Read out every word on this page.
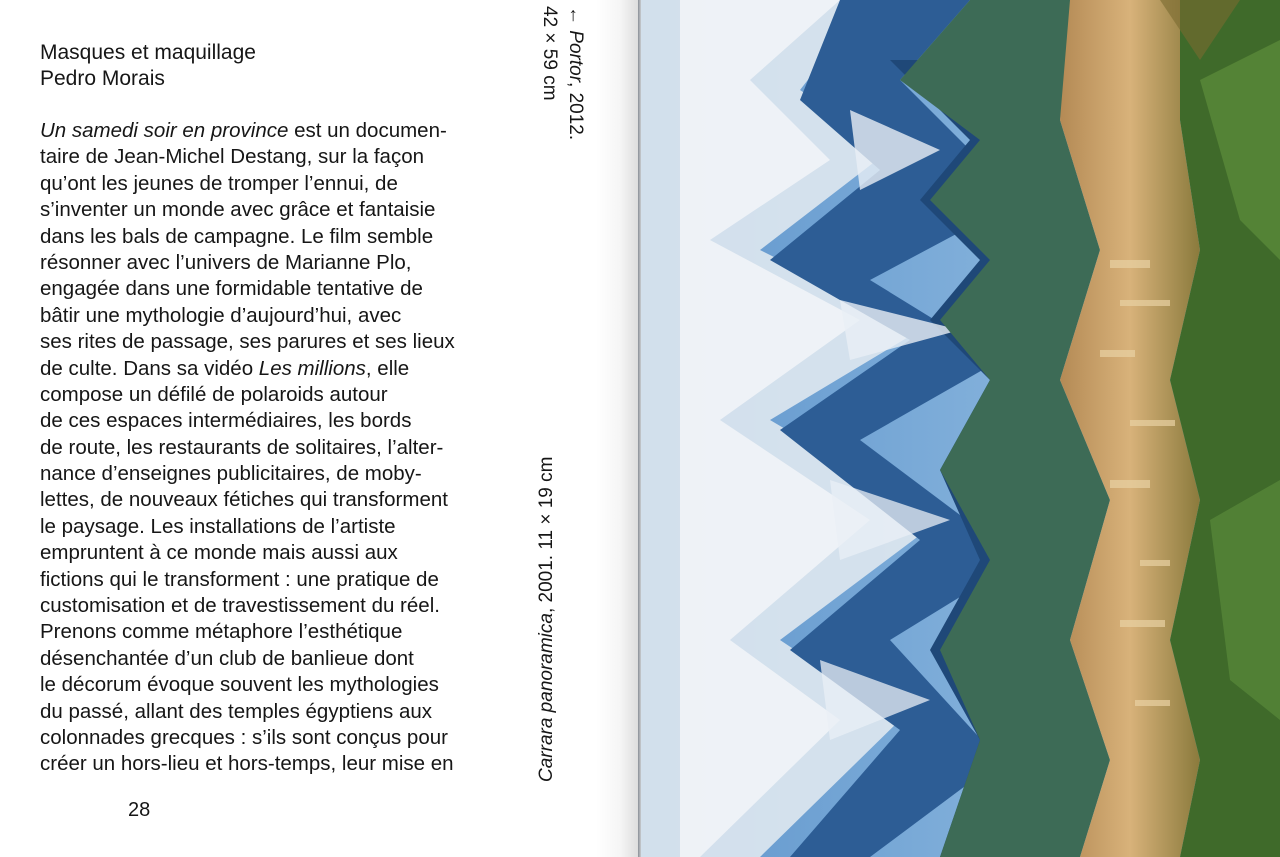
Masques et maquillage

Pedro Morais

Un samedi soir en province est un documen-
taire de Jean-Michel Destang, sur la façon
qu’ont les jeunes de tromper l’ennui, de
s’inventer un monde avec grâce et fantaisie
dans les bals de campagne. Le film semble
résonner avec l’univers de Marianne Plo,
engagée dans une formidable tentative de
bâtir une mythologie d’aujourd’hui, avec
ses rites de passage, ses parures et ses lieux
de culte. Dans sa vidéo Les millions, elle
compose un défilé de polaroids autour
de ces espaces intermédiaires, les bords
de route, les restaurants de solitaires, l’alter-
nance d’enseignes publicitaires, de moby-
lettes, de nouveaux fétiches qui transforment
le paysage. Les installations de l’artiste
empruntent à ce monde mais aussi aux
fictions qui le transforment : une pratique de
customisation et de travestissement du réel.
Prenons comme métaphore l’esthétique
désenchantée d’un club de banlieue dont
le décorum évoque souvent les mythologies
du passé, allant des temples égyptiens aux
colonnades grecques : s’ils sont conçus pour
créer un hors-lieu et hors-temps, leur mise en
28
← Portor, 2012.
42 × 59 cm
Carrara panoramica, 2001. 11 × 19 cm
